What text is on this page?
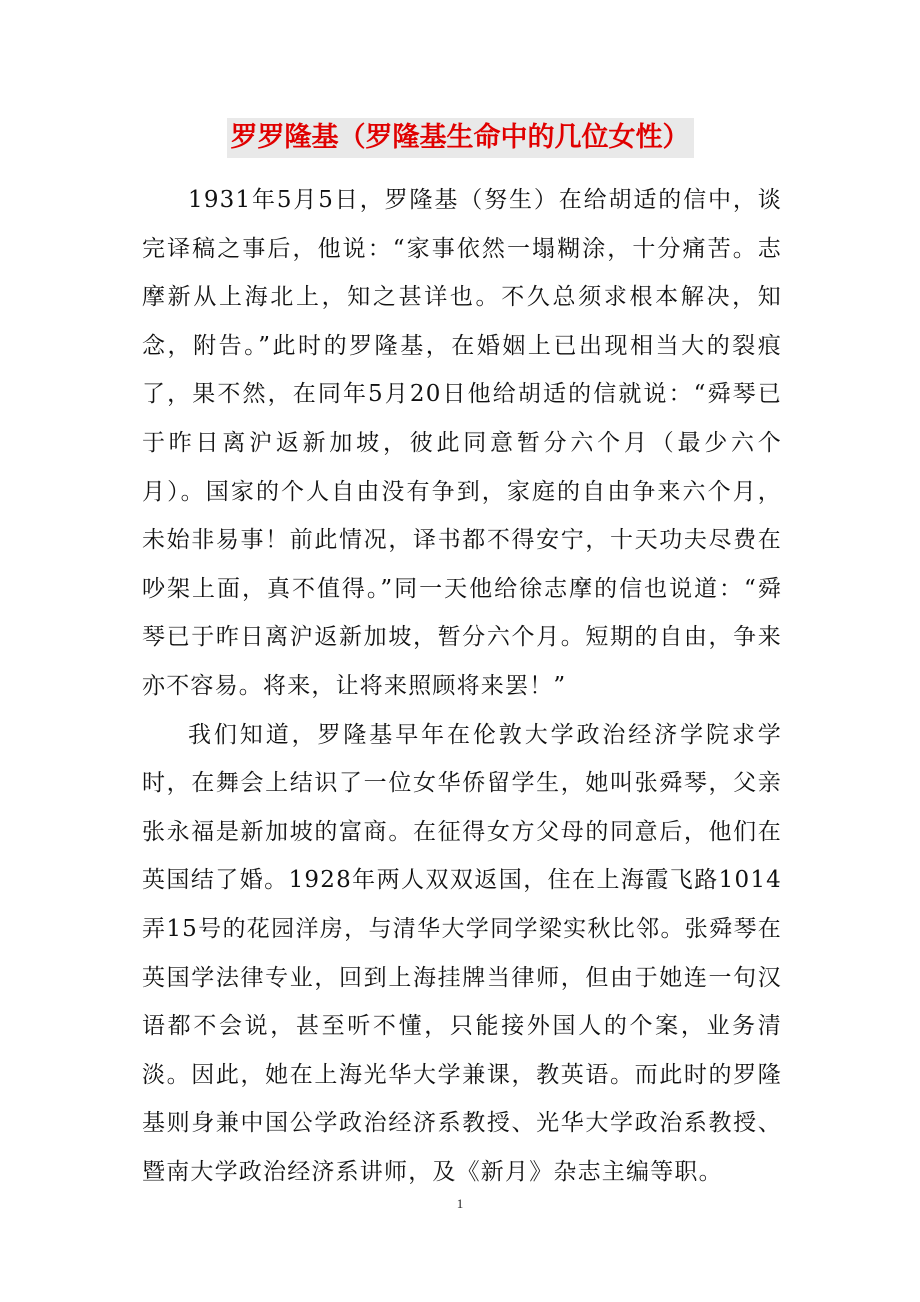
罗罗隆基（罗隆基生命中的几位女性）

1931年5月5日，罗隆基（努生）在给胡适的信中，谈完译稿之事后，他说：“家事依然一塌糊涂，十分痛苦。志摩新从上海北上，知之甚详也。不久总须求根本解决，知念，附告。”此时的罗隆基，在婚姻上已出现相当大的裂痕了，果不然，在同年5月20日他给胡适的信就说：“舜琴已于昨日离沪返新加坡，彼此同意暂分六个月（最少六个月）。国家的个人自由没有争到，家庭的自由争来六个月，未始非易事！前此情况，译书都不得安宁，十天功夫尽费在吵架上面，真不值得。”同一天他给徐志摩的信也说道：“舜琴已于昨日离沪返新加坡，暂分六个月。短期的自由，争来亦不容易。将来，让将来照顾将来罢！”

我们知道，罗隆基早年在伦敦大学政治经济学院求学时，在舞会上结识了一位女华侨留学生，她叫张舜琴，父亲张永福是新加坡的富商。在征得女方父母的同意后，他们在英国结了婚。1928年两人双双返国，住在上海霞飞路1014弄15号的花园洋房，与清华大学同学梁实秋比邻。张舜琴在英国学法律专业，回到上海挂牌当律师，但由于她连一句汉语都不会说，甚至听不懂，只能接外国人的个案，业务清淡。因此，她在上海光华大学兼课，教英语。而此时的罗隆基则身兼中国公学政治经济系教授、光华大学政治系教授、暨南大学政治经济系讲师，及《新月》杂志主编等职。

1
